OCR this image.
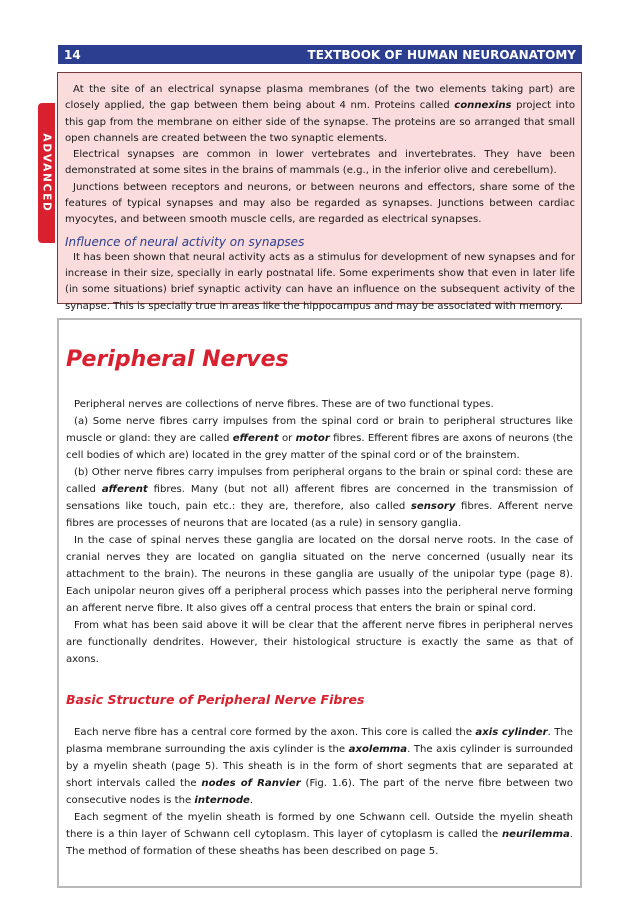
14	TEXTBOOK OF HUMAN NEUROANATOMY
ADVANCED

At the site of an electrical synapse plasma membranes (of the two elements taking part) are closely applied, the gap between them being about 4 nm. Proteins called connexins project into this gap from the membrane on either side of the synapse. The proteins are so arranged that small open channels are created between the two synaptic elements.

Electrical synapses are common in lower vertebrates and invertebrates. They have been demonstrated at some sites in the brains of mammals (e.g., in the inferior olive and cerebellum).

Junctions between receptors and neurons, or between neurons and effectors, share some of the features of typical synapses and may also be regarded as synapses. Junctions between cardiac myocytes, and between smooth muscle cells, are regarded as electrical synapses.

Influence of neural activity on synapses

It has been shown that neural activity acts as a stimulus for development of new synapses and for increase in their size, specially in early postnatal life. Some experiments show that even in later life (in some situations) brief synaptic activity can have an influence on the subsequent activity of the synapse. This is specially true in areas like the hippocampus and may be associated with memory.

Peripheral Nerves

Peripheral nerves are collections of nerve fibres. These are of two functional types.

(a) Some nerve fibres carry impulses from the spinal cord or brain to peripheral structures like muscle or gland: they are called efferent or motor fibres. Efferent fibres are axons of neurons (the cell bodies of which are) located in the grey matter of the spinal cord or of the brainstem.

(b) Other nerve fibres carry impulses from peripheral organs to the brain or spinal cord: these are called afferent fibres. Many (but not all) afferent fibres are concerned in the transmission of sensations like touch, pain etc.: they are, therefore, also called sensory fibres. Afferent nerve fibres are processes of neurons that are located (as a rule) in sensory ganglia.

In the case of spinal nerves these ganglia are located on the dorsal nerve roots. In the case of cranial nerves they are located on ganglia situated on the nerve concerned (usually near its attachment to the brain). The neurons in these ganglia are usually of the unipolar type (page 8). Each unipolar neuron gives off a peripheral process which passes into the peripheral nerve forming an afferent nerve fibre. It also gives off a central process that enters the brain or spinal cord.

From what has been said above it will be clear that the afferent nerve fibres in peripheral nerves are functionally dendrites. However, their histological structure is exactly the same as that of axons.

Basic Structure of Peripheral Nerve Fibres

Each nerve fibre has a central core formed by the axon. This core is called the axis cylinder. The plasma membrane surrounding the axis cylinder is the axolemma. The axis cylinder is surrounded by a myelin sheath (page 5). This sheath is in the form of short segments that are separated at short intervals called the nodes of Ranvier (Fig. 1.6). The part of the nerve fibre between two consecutive nodes is the internode.

Each segment of the myelin sheath is formed by one Schwann cell. Outside the myelin sheath there is a thin layer of Schwann cell cytoplasm. This layer of cytoplasm is called the neurilemma. The method of formation of these sheaths has been described on page 5.
